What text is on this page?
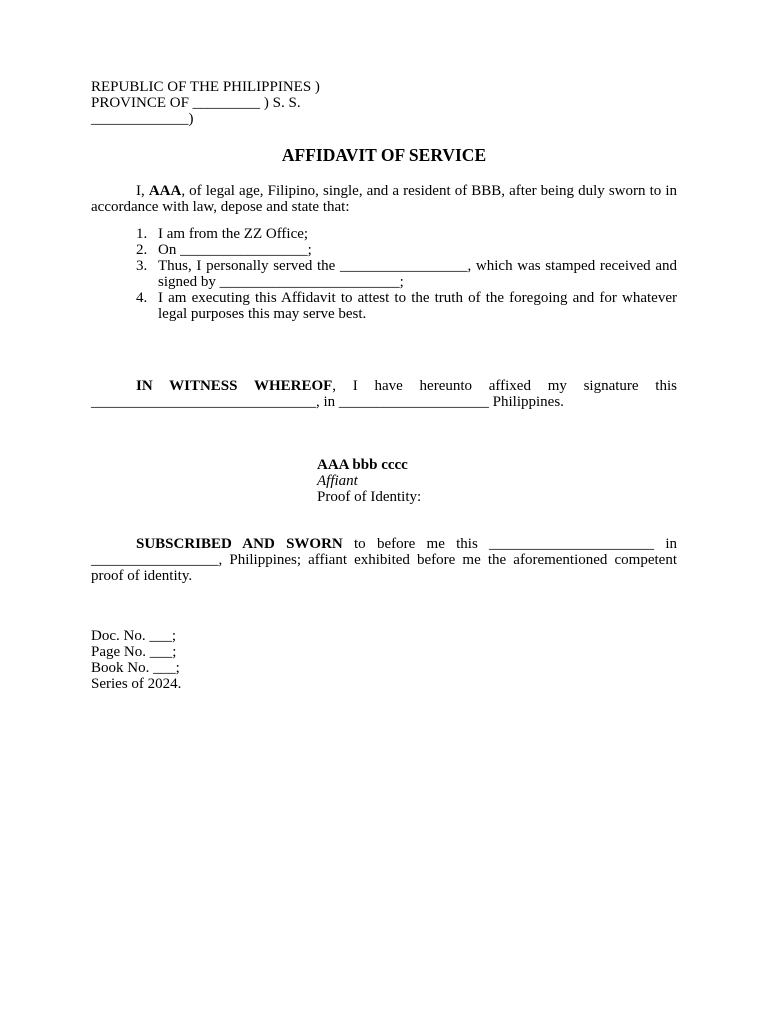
REPUBLIC OF THE PHILIPPINES )
PROVINCE OF _________ ) S. S.
_____________)
AFFIDAVIT OF SERVICE
I, AAA, of legal age, Filipino, single, and a resident of BBB, after being duly sworn to in accordance with law, depose and state that:
1. I am from the ZZ Office;
2. On _________________;
3. Thus, I personally served the _________________, which was stamped received and signed by ________________________;
4. I am executing this Affidavit to attest to the truth of the foregoing and for whatever legal purposes this may serve best.
IN WITNESS WHEREOF, I have hereunto affixed my signature this ______________________________, in ____________________ Philippines.
AAA bbb cccc
Affiant
Proof of Identity:
SUBSCRIBED AND SWORN to before me this ______________________ in _________________, Philippines; affiant exhibited before me the aforementioned competent proof of identity.
Doc. No. ___;
Page No. ___;
Book No. ___;
Series of 2024.
